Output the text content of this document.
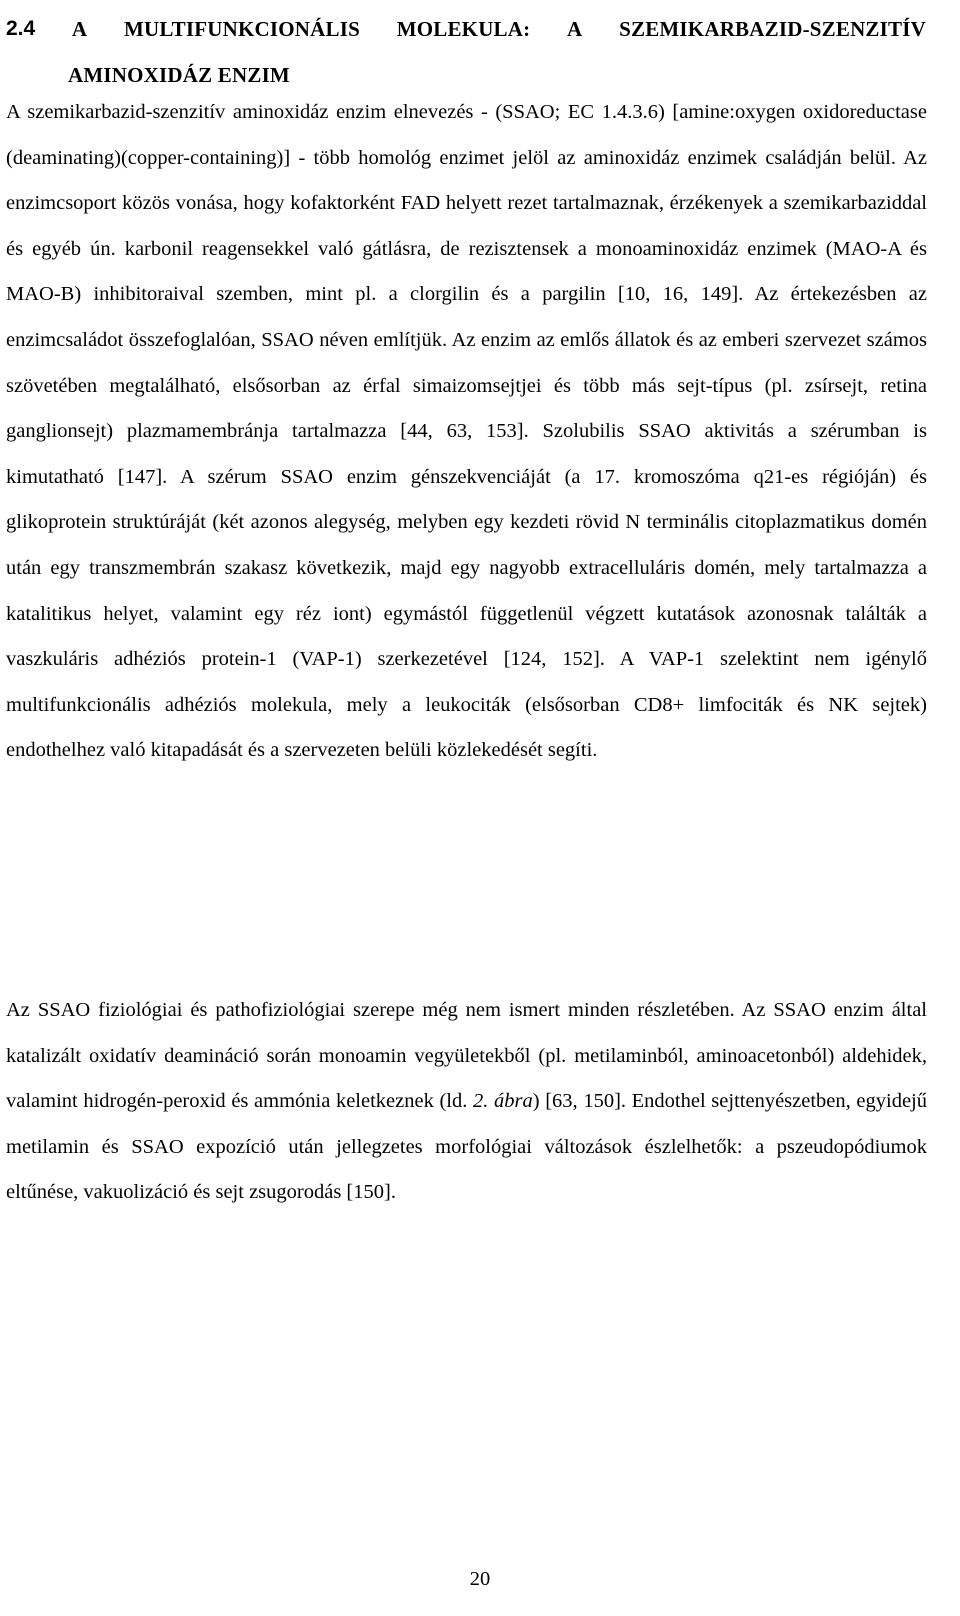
2.4 A MULTIFUNKCIONÁLIS MOLEKULA: A SZEMIKARBAZID-SZENZITÍV
AMINOXIDÁZ ENZIM

A szemikarbazid-szenzitív aminoxidáz enzim elnevezés - (SSAO; EC 1.4.3.6) [amine:oxygen oxidoreductase (deaminating)(copper-containing)] - több homológ enzimet jelöl az aminoxidáz enzimek családján belül. Az enzimcsoport közös vonása, hogy kofaktorként FAD helyett rezet tartalmaznak, érzékenyek a szemikarbaziddal és egyéb ún. karbonil reagensekkel való gátlásra, de rezisztensek a monoaminoxidáz enzimek (MAO-A és MAO-B) inhibitoraival szemben, mint pl. a clorgilin és a pargilin [10, 16, 149]. Az értekezésben az enzimcsaládot összefoglalóan, SSAO néven említjük. Az enzim az emlős állatok és az emberi szervezet számos szövetében megtalálható, elsősorban az érfal simaizomsejtjei és több más sejt-típus (pl. zsírsejt, retina ganglionsejt) plazmamembránja tartalmazza [44, 63, 153]. Szolubilis SSAO aktivitás a szérumban is kimutatható [147]. A szérum SSAO enzim génszekvenciáját (a 17. kromoszóma q21-es régióján) és glikoprotein struktúráját (két azonos alegység, melyben egy kezdeti rövid N terminális citoplazmatikus domén után egy transzmembrán szakasz következik, majd egy nagyobb extracelluláris domén, mely tartalmazza a katalitikus helyet, valamint egy réz iont) egymástól függetlenül végzett kutatások azonosnak találták a vaszkuláris adhéziós protein-1 (VAP-1) szerkezetével [124, 152]. A VAP-1 szelektint nem igénylő multifunkcionális adhéziós molekula, mely a leukociták (elsősorban CD8+ limfociták és NK sejtek) endothelhez való kitapadását és a szervezeten belüli közlekedését segíti.

Az SSAO fiziológiai és pathofiziológiai szerepe még nem ismert minden részletében. Az SSAO enzim által katalizált oxidatív deamináció során monoamin vegyületekből (pl. metilaminból, aminoacetonból) aldehidek, valamint hidrogén-peroxid és ammónia keletkeznek (ld. 2. ábra) [63, 150]. Endothel sejttenyészetben, egyidejű metilamin és SSAO expozíció után jellegzetes morfológiai változások észlelhetők: a pszeudopódiumok eltűnése, vakuolizáció és sejt zsugorodás [150].

20
